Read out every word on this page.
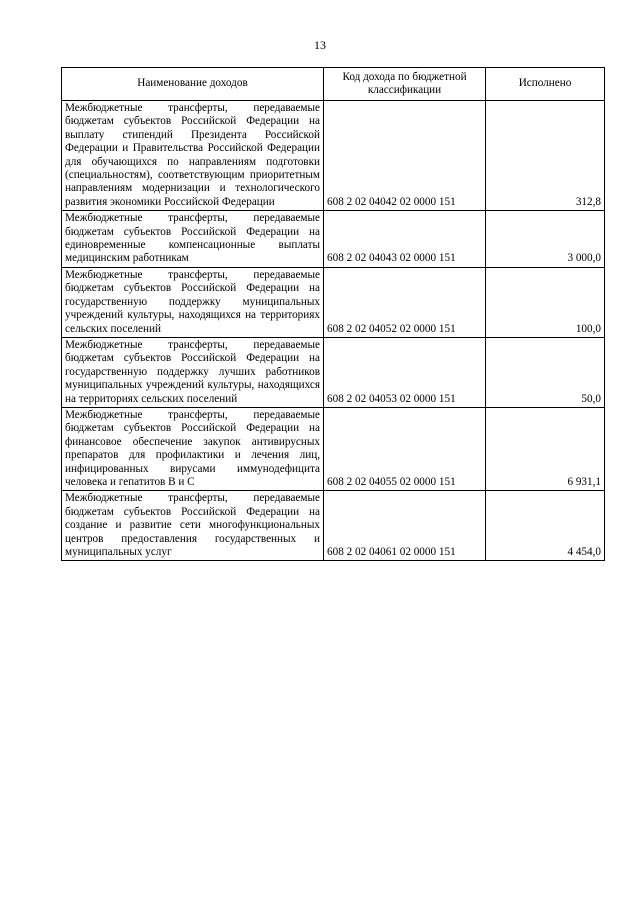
13
Наименование доходов	Код дохода по бюджетной классификации	Исполнено
Межбюджетные трансферты, передаваемые бюджетам субъектов Российской Федерации на выплату стипендий Президента Российской Федерации и Правительства Российской Федерации для обучающихся по направлениям подготовки (специальностям), соответствующим приоритетным направлениям модернизации и технологического развития экономики Российской Федерации	608 2 02 04042 02 0000 151	312,8
Межбюджетные трансферты, передаваемые бюджетам субъектов Российской Федерации на единовременные компенсационные выплаты медицинским работникам	608 2 02 04043 02 0000 151	3 000,0
Межбюджетные трансферты, передаваемые бюджетам субъектов Российской Федерации на государственную поддержку муниципальных учреждений культуры, находящихся на территориях сельских поселений	608 2 02 04052 02 0000 151	100,0
Межбюджетные трансферты, передаваемые бюджетам субъектов Российской Федерации на государственную поддержку лучших работников муниципальных учреждений культуры, находящихся на территориях сельских поселений	608 2 02 04053 02 0000 151	50,0
Межбюджетные трансферты, передаваемые бюджетам субъектов Российской Федерации на финансовое обеспечение закупок антивирусных препаратов для профилактики и лечения лиц, инфицированных вирусами иммунодефицита человека и гепатитов В и С	608 2 02 04055 02 0000 151	6 931,1
Межбюджетные трансферты, передаваемые бюджетам субъектов Российской Федерации на создание и развитие сети многофункциональных центров предоставления государственных и муниципальных услуг	608 2 02 04061 02 0000 151	4 454,0
